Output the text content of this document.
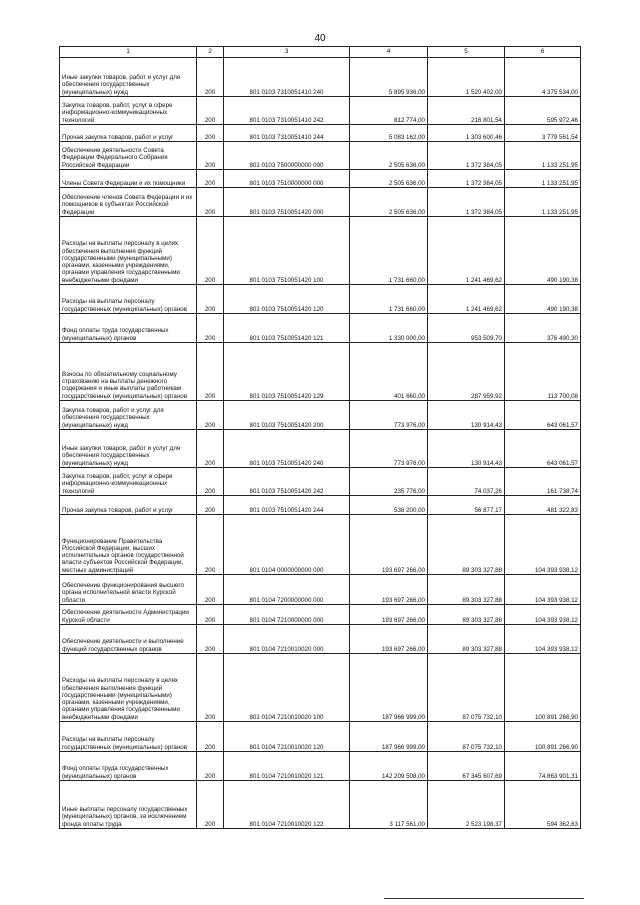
40
1	2	3	4	5	6
Иные закупки товаров, работ и услуг для обеспечения государственных (муниципальных) нужд	200	801 0103 7310051410 240	5 895 936,00	1 520 402,00	4 375 534,00
Закупка товаров, работ, услуг в сфере информационно-коммуникационных технологий	200	801 0103 7310051410 242	812 774,00	216 801,54	595 972,46
Прочая закупка товаров, работ и услуг	200	801 0103 7310051410 244	5 083 162,00	1 303 600,46	3 779 561,54
Обеспечение деятельности Совета Федерации Федерального Собрания Российской Федерации	200	801 0103 7500000000 000	2 505 636,00	1 372 384,05	1 133 251,95
Члены Совета Федерации и их помощники	200	801 0103 7510000000 000	2 505 636,00	1 372 384,05	1 133 251,95
Обеспечение членов Совета Федерации и их помощников в субъектах Российской Федерации	200	801 0103 7510051420 000	2 505 636,00	1 372 384,05	1 133 251,95
Расходы на выплаты персоналу в целях обеспечения выполнения функций государственными (муниципальными) органами, казенными учреждениями, органами управления государственными внебюджетными фондами	200	801 0103 7510051420 100	1 731 660,00	1 241 469,62	490 190,38
Расходы на выплаты персоналу государственных (муниципальных) органов	200	801 0103 7510051420 120	1 731 660,00	1 241 469,62	490 190,38
Фонд оплаты труда государственных (муниципальных) органов	200	801 0103 7510051420 121	1 330 000,00	953 509,70	376 490,30
Взносы по обязательному социальному страхованию на выплаты денежного содержания и иные выплаты работникам государственных (муниципальных) органов	200	801 0103 7510051420 129	401 660,00	287 959,92	113 700,08
Закупка товаров, работ и услуг для обеспечения государственных (муниципальных) нужд	200	801 0103 7510051420 200	773 976,00	130 914,43	643 061,57
Иные закупки товаров, работ и услуг для обеспечения государственных (муниципальных) нужд	200	801 0103 7510051420 240	773 976,00	130 914,43	643 061,57
Закупка товаров, работ, услуг в сфере информационно-коммуникационных технологий	200	801 0103 7510051420 242	235 776,00	74 037,26	161 738,74
Прочая закупка товаров, работ и услуг	200	801 0103 7510051420 244	538 200,00	56 877,17	481 322,83
Функционирование Правительства Российской Федерации, высших исполнительных органов государственной власти субъектов Российской Федерации, местных администраций	200	801 0104 0000000000 000	193 697 266,00	89 303 327,88	104 393 938,12
Обеспечение функционирования высшего органа исполнительной власти Курской области	200	801 0104 7200000000 000	193 697 266,00	89 303 327,88	104 393 938,12
Обеспечение деятельности Администрации Курской области	200	801 0104 7210000000 000	193 697 266,00	89 303 327,88	104 393 938,12
Обеспечение деятельности и выполнение функций государственных органов	200	801 0104 7210010020 000	193 697 266,00	89 303 327,88	104 393 938,12
Расходы на выплаты персоналу в целях обеспечения выполнения функций государственными (муниципальными) органами, казенными учреждениями, органами управления государственными внебюджетными фондами	200	801 0104 7210010020 100	187 966 999,00	87 075 732,10	100 891 266,90
Расходы на выплаты персоналу государственных (муниципальных) органов	200	801 0104 7210010020 120	187 966 999,00	87 075 732,10	100 891 266,90
Фонд оплаты труда государственных (муниципальных) органов	200	801 0104 7210010020 121	142 209 508,00	67 345 607,69	74 863 901,31
Иные выплаты персоналу государственных (муниципальных) органов, за исключением фонда оплаты труда	200	801 0104 7210010020 122	3 117 561,00	2 523 198,37	594 362,63
